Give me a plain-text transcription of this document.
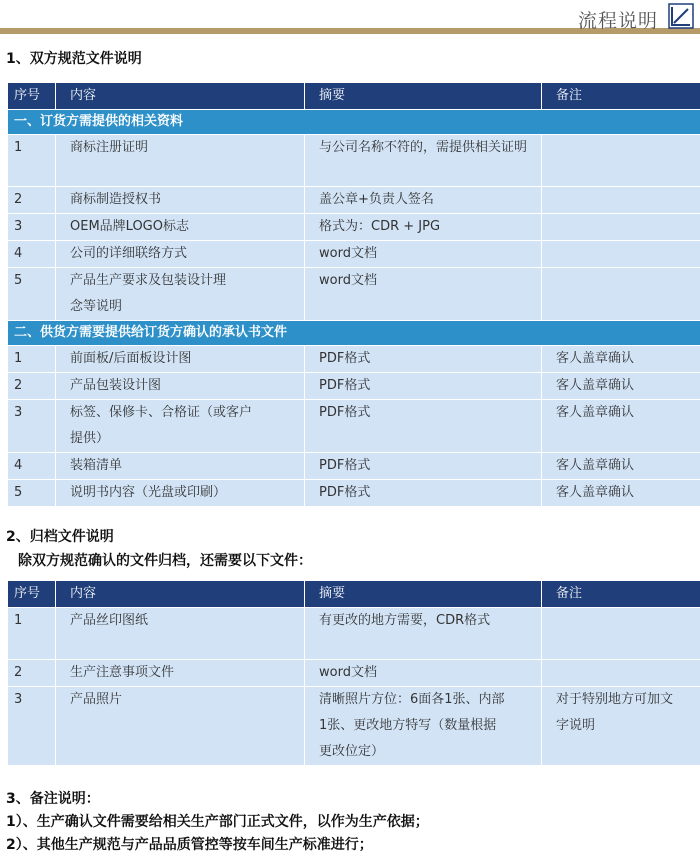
流程说明
1、双方规范文件说明
序号	内容	摘要	备注
一、订货方需提供的相关资料			
1	商标注册证明	与公司名称不符的，需提供相关证明	
2	商标制造授权书	盖公章+负责人签名	
3	OEM品牌LOGO标志	格式为：CDR + JPG	
4	公司的详细联络方式	word文档	
5	产品生产要求及包装设计理念等说明	word文档	
二、供货方需要提供给订货方确认的承认书文件			
1	前面板/后面板设计图	PDF格式	客人盖章确认
2	产品包装设计图	PDF格式	客人盖章确认
3	标签、保修卡、合格证（或客户提供）	PDF格式	客人盖章确认
4	装箱清单	PDF格式	客人盖章确认
5	说明书内容（光盘或印刷）	PDF格式	客人盖章确认
2、归档文件说明
除双方规范确认的文件归档，还需要以下文件：
序号	内容	摘要	备注
1	产品丝印图纸	有更改的地方需要，CDR格式	
2	生产注意事项文件	word文档	
3	产品照片	清晰照片方位：6面各1张、内部1张、更改地方特写（数量根据更改位定）	对于特别地方可加文字说明
3、备注说明：
1）、生产确认文件需要给相关生产部门正式文件，以作为生产依据；
2）、其他生产规范与产品品质管控等按车间生产标准进行；
